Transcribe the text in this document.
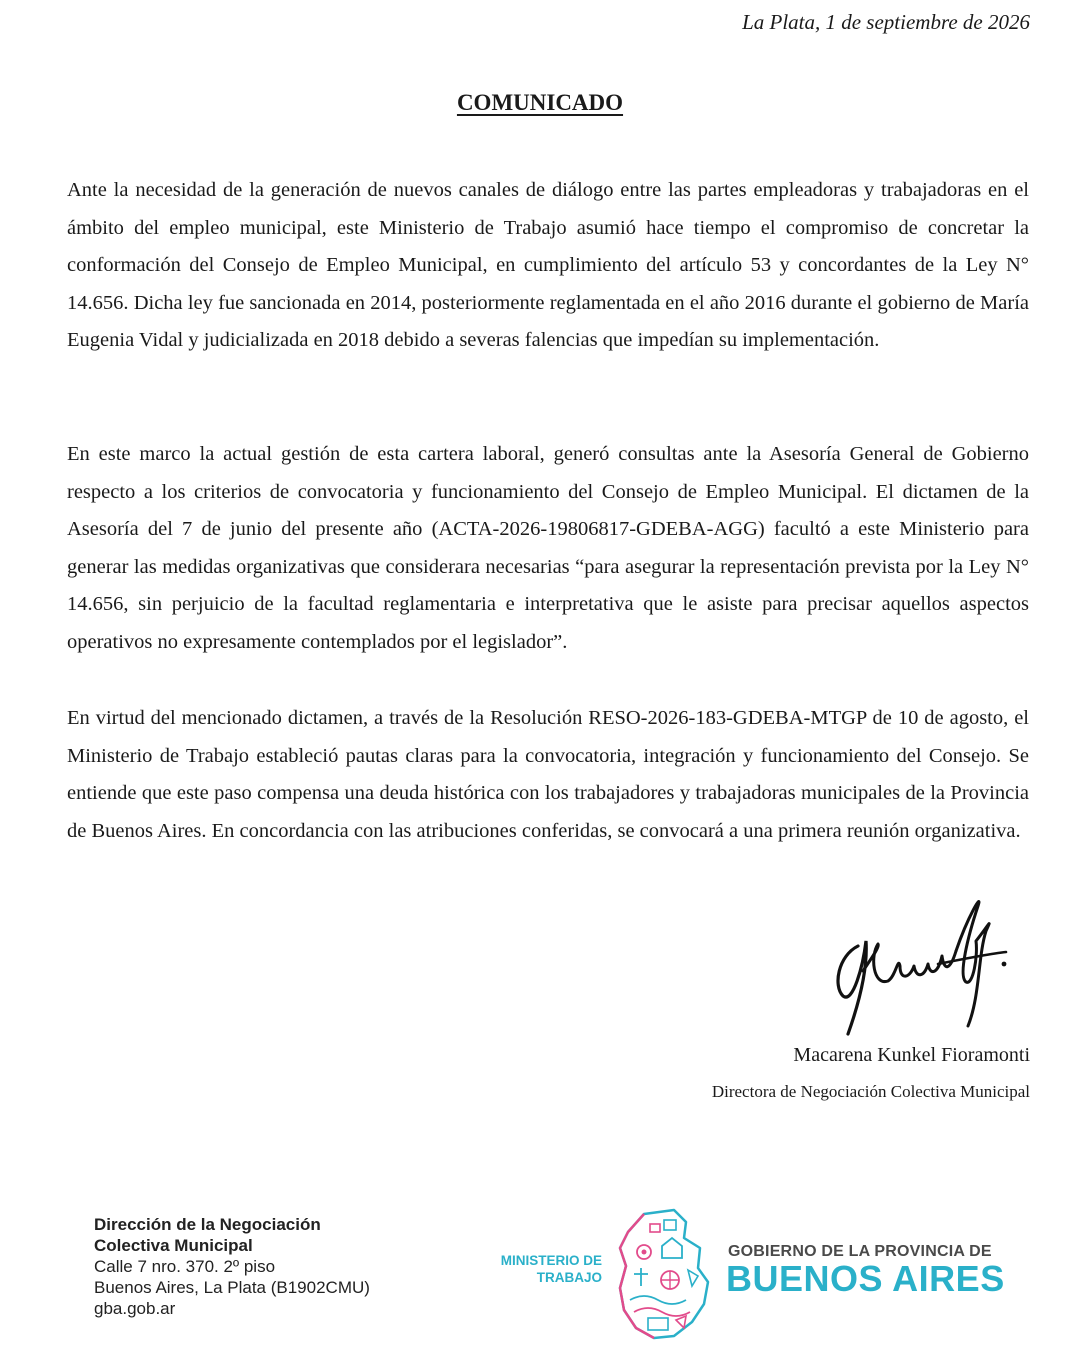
La Plata, 1 de septiembre de 2026
COMUNICADO

Ante la necesidad de la generación de nuevos canales de diálogo entre las partes empleadoras y trabajadoras en el ámbito del empleo municipal, este Ministerio de Trabajo asumió hace tiempo el compromiso de concretar la conformación del Consejo de Empleo Municipal, en cumplimiento del artículo 53 y concordantes de la Ley N° 14.656. Dicha ley fue sancionada en 2014, posteriormente reglamentada en el año 2016 durante el gobierno de María Eugenia Vidal y judicializada en 2018 debido a severas falencias que impedían su implementación.

En este marco la actual gestión de esta cartera laboral, generó consultas ante la Asesoría General de Gobierno respecto a los criterios de convocatoria y funcionamiento del Consejo de Empleo Municipal. El dictamen de la Asesoría del 7 de junio del presente año (ACTA-2026-19806817-GDEBA-AGG) facultó a este Ministerio para generar las medidas organizativas que considerara necesarias “para asegurar la representación prevista por la Ley N° 14.656, sin perjuicio de la facultad reglamentaria e interpretativa que le asiste para precisar aquellos aspectos operativos no expresamente contemplados por el legislador”.

En virtud del mencionado dictamen, a través de la Resolución RESO-2026-183-GDEBA-MTGP de 10 de agosto, el Ministerio de Trabajo estableció pautas claras para la convocatoria, integración y funcionamiento del Consejo. Se entiende que este paso compensa una deuda histórica con los trabajadores y trabajadoras municipales de la Provincia de Buenos Aires. En concordancia con las atribuciones conferidas, se convocará a una primera reunión organizativa.

Macarena Kunkel Fioramonti
Directora de Negociación Colectiva Municipal
Dirección de la Negociación
Colectiva Municipal
Calle 7 nro. 370. 2º piso
Buenos Aires, La Plata (B1902CMU)
gba.gob.ar
MINISTERIO DE
TRABAJO
GOBIERNO DE LA PROVINCIA DE
BUENOS AIRES
